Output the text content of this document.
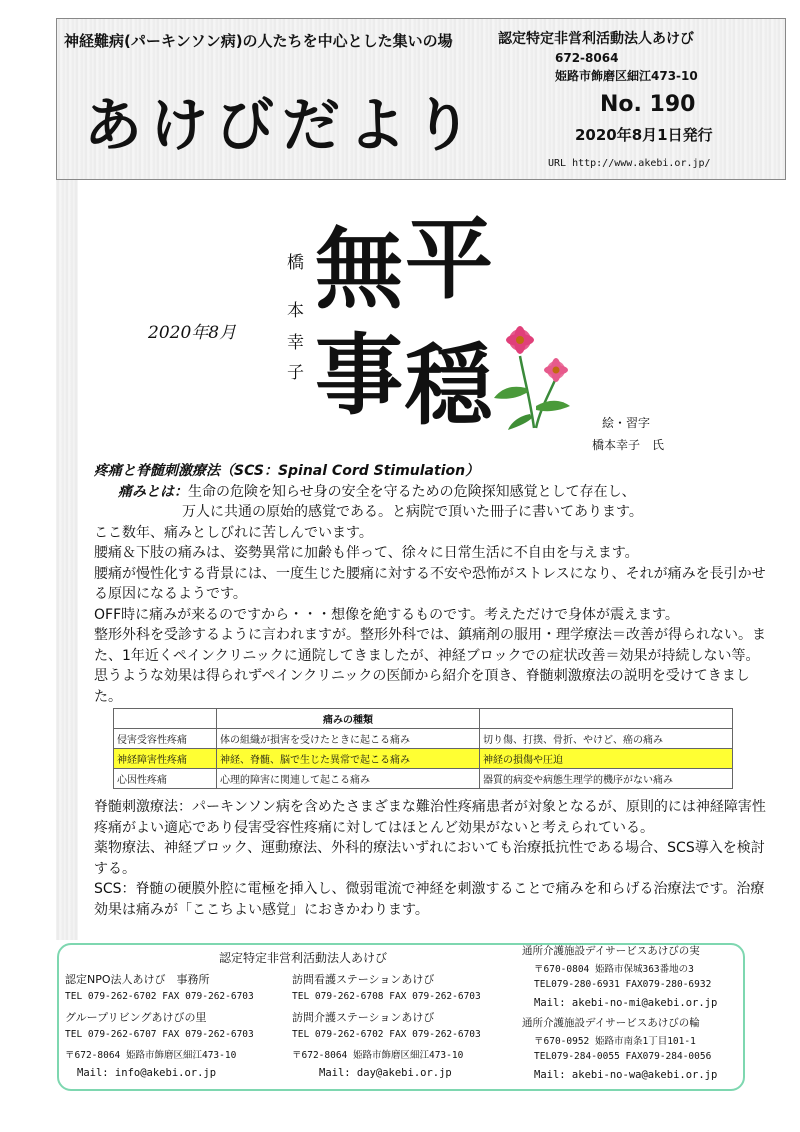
神経難病(パーキンソン病)の人たちを中心とした集いの場
あけびだより
認定特定非営利活動法人あけび
672-8064
姫路市飾磨区細江473-10
No. 190
2020年8月1日発行
URL http://www.akebi.or.jp/
2020年8月
平
穏
無
事
橋
本
幸
子
絵・習字
橋本幸子　氏

疼痛と脊髄刺激療法（SCS：Spinal Cord Stimulation）

痛みとは：生命の危険を知らせ身の安全を守るための危険探知感覚として存在し、

万人に共通の原始的感覚である。と病院で頂いた冊子に書いてあります。

ここ数年、痛みとしびれに苦しんでいます。

腰痛＆下肢の痛みは、姿勢異常に加齢も伴って、徐々に日常生活に不自由を与えます。

腰痛が慢性化する背景には、一度生じた腰痛に対する不安や恐怖がストレスになり、それが痛みを長引かせる原因になるようです。

OFF時に痛みが来るのですから・・・想像を絶するものです。考えただけで身体が震えます。

整形外科を受診するように言われますが。整形外科では、鎮痛剤の服用・理学療法＝改善が得られない。また、1年近くペインクリニックに通院してきましたが、神経ブロックでの症状改善＝効果が持続しない等。思うような効果は得られずペインクリニックの医師から紹介を頂き、脊髄刺激療法の説明を受けてきました。

	痛みの種類	
侵害受容性疼痛	体の組織が損害を受けたときに起こる痛み	切り傷、打撲、骨折、やけど、癌の痛み
神経障害性疼痛	神経、脊髄、脳で生じた異常で起こる痛み	神経の損傷や圧迫
心因性疼痛	心理的障害に関連して起こる痛み	器質的病変や病態生理学的機序がない痛み

脊髄刺激療法：パーキンソン病を含めたさまざまな難治性疼痛患者が対象となるが、原則的には神経障害性疼痛がよい適応であり侵害受容性疼痛に対してはほとんど効果がないと考えられている。

薬物療法、神経ブロック、運動療法、外科的療法いずれにおいても治療抵抗性である場合、SCS導入を検討する。

SCS：脊髄の硬膜外腔に電極を挿入し、微弱電流で神経を刺激することで痛みを和らげる治療法です。治療効果は痛みが「ここちよい感覚」におきかわります。

認定特定非営利活動法人あけび
認定NPO法人あけび　事務所
TEL 079-262-6702 FAX 079-262-6703
グループリビングあけびの里
TEL 079-262-6707 FAX 079-262-6703
〒672-8064 姫路市飾磨区細江473-10
Mail: info@akebi.or.jp
訪問看護ステーションあけび
TEL 079-262-6708 FAX 079-262-6703
訪問介護ステーションあけび
TEL 079-262-6702 FAX 079-262-6703
〒672-8064 姫路市飾磨区細江473-10
Mail: day@akebi.or.jp
通所介護施設デイサービスあけびの実
〒670-0804 姫路市保城363番地の3
TEL079-280-6931 FAX079-280-6932
Mail: akebi-no-mi@akebi.or.jp
通所介護施設デイサービスあけびの輪
〒670-0952 姫路市南条1丁目101-1
TEL079-284-0055 FAX079-284-0056
Mail: akebi-no-wa@akebi.or.jp
